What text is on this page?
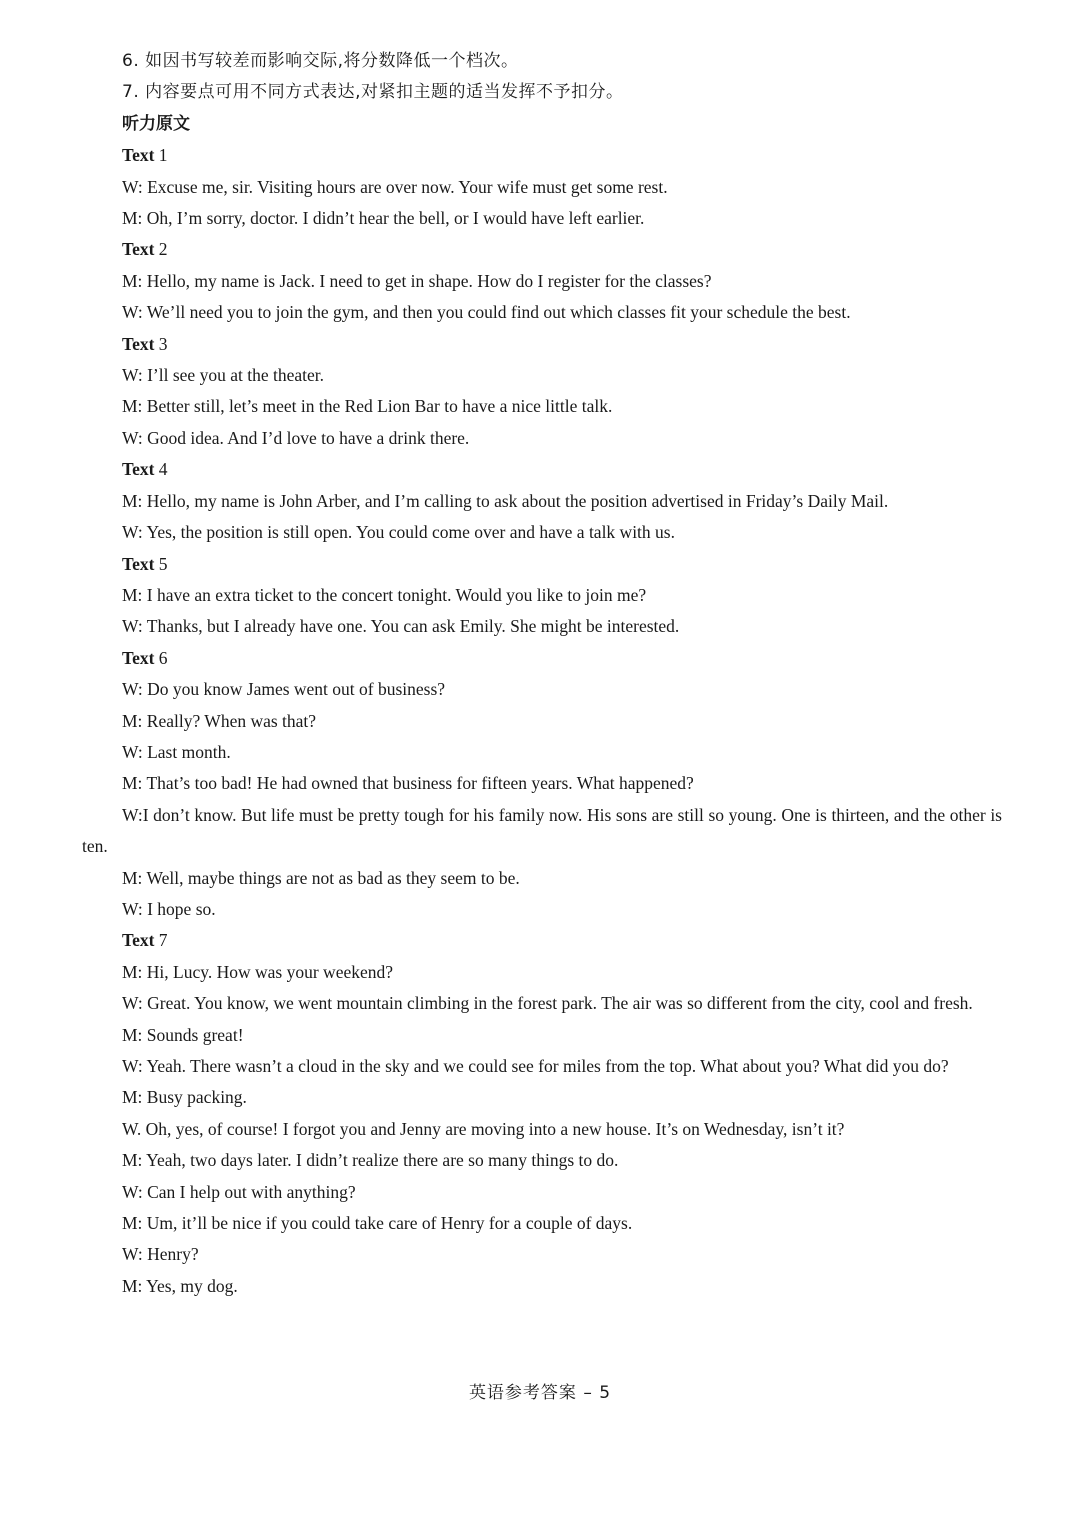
6. 如因书写较差而影响交际,将分数降低一个档次。
7. 内容要点可用不同方式表达,对紧扣主题的适当发挥不予扣分。
听力原文
Text 1
W: Excuse me, sir. Visiting hours are over now. Your wife must get some rest.
M: Oh, I’m sorry, doctor. I didn’t hear the bell, or I would have left earlier.
Text 2
M: Hello, my name is Jack. I need to get in shape. How do I register for the classes?
W: We’ll need you to join the gym, and then you could find out which classes fit your schedule the best.
Text 3
W: I’ll see you at the theater.
M: Better still, let’s meet in the Red Lion Bar to have a nice little talk.
W: Good idea. And I’d love to have a drink there.
Text 4
M: Hello, my name is John Arber, and I’m calling to ask about the position advertised in Friday’s Daily Mail.
W: Yes, the position is still open. You could come over and have a talk with us.
Text 5
M: I have an extra ticket to the concert tonight. Would you like to join me?
W: Thanks, but I already have one. You can ask Emily. She might be interested.
Text 6
W: Do you know James went out of business?
M: Really? When was that?
W: Last month.
M: That’s too bad! He had owned that business for fifteen years. What happened?
W:I don’t know. But life must be pretty tough for his family now. His sons are still so young. One is thirteen, and the other is ten.
M: Well, maybe things are not as bad as they seem to be.
W: I hope so.
Text 7
M: Hi, Lucy. How was your weekend?
W: Great. You know, we went mountain climbing in the forest park. The air was so different from the city, cool and fresh.
M: Sounds great!
W: Yeah. There wasn’t a cloud in the sky and we could see for miles from the top. What about you? What did you do?
M: Busy packing.
W. Oh, yes, of course! I forgot you and Jenny are moving into a new house. It’s on Wednesday, isn’t it?
M: Yeah, two days later. I didn’t realize there are so many things to do.
W: Can I help out with anything?
M: Um, it’ll be nice if you could take care of Henry for a couple of days.
W: Henry?
M: Yes, my dog.
英语参考答案 – 5
